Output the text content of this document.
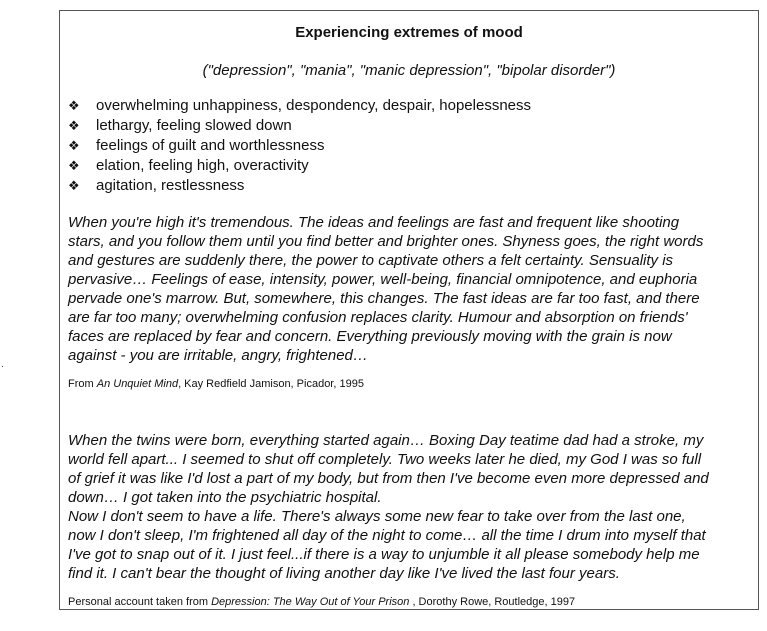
.
Experiencing extremes of mood
("depression", "mania", "manic depression", "bipolar disorder")
❖	overwhelming unhappiness, despondency, despair, hopelessness
❖	lethargy, feeling slowed down
❖	feelings of guilt and worthlessness
❖	elation, feeling high, overactivity
❖	agitation, restlessness
When you're high it's tremendous. The ideas and feelings are fast and frequent like shooting
stars, and you follow them until you find better and brighter ones. Shyness goes, the right words
and gestures are suddenly there, the power to captivate others a felt certainty. Sensuality is
pervasive… Feelings of ease, intensity, power, well-being, financial omnipotence, and euphoria
pervade one's marrow. But, somewhere, this changes. The fast ideas are far too fast, and there
are far too many; overwhelming confusion replaces clarity. Humour and absorption on friends'
faces are replaced by fear and concern. Everything previously moving with the grain is now
against - you are irritable, angry, frightened…
From An Unquiet Mind, Kay Redfield Jamison, Picador, 1995
When the twins were born, everything started again… Boxing Day teatime dad had a stroke, my
world fell apart... I seemed to shut off completely. Two weeks later he died, my God I was so full
of grief it was like I'd lost a part of my body, but from then I've become even more depressed and
down… I got taken into the psychiatric hospital.
Now I don't seem to have a life. There's always some new fear to take over from the last one,
now I don't sleep, I'm frightened all day of the night to come… all the time I drum into myself that
I've got to snap out of it. I just feel...if there is a way to unjumble it all please somebody help me
find it. I can't bear the thought of living another day like I've lived the last four years.
Personal account taken from Depression: The Way Out of Your Prison , Dorothy Rowe, Routledge, 1997
